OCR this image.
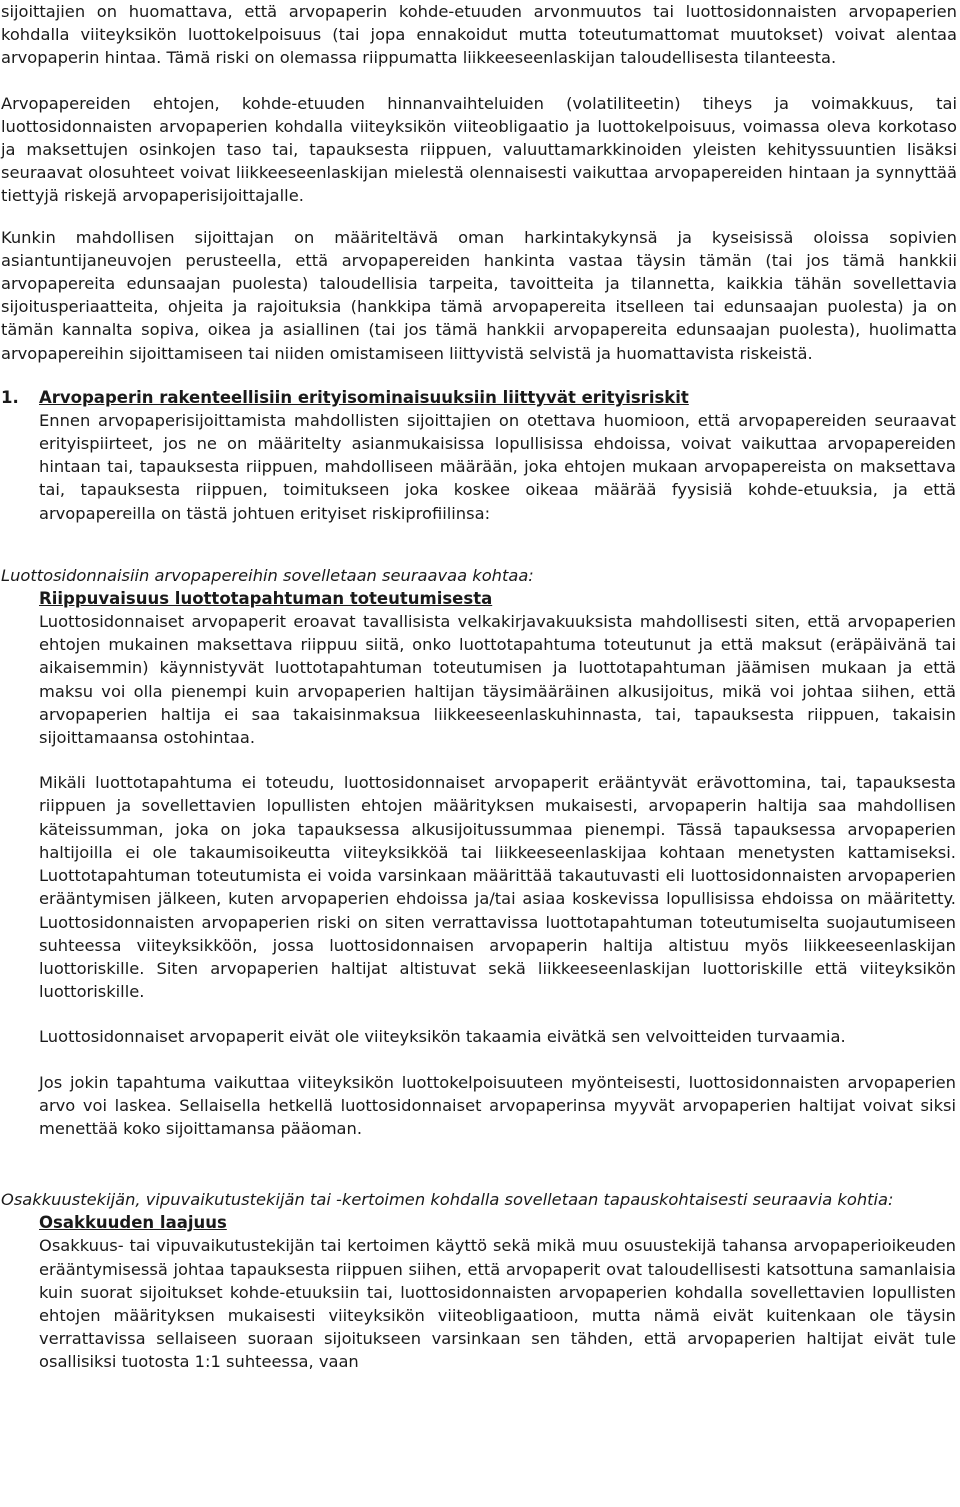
sijoittajien on huomattava, että arvopaperin kohde-etuuden arvonmuutos tai luottosidonnaisten arvopaperien kohdalla viiteyksikön luottokelpoisuus (tai jopa ennakoidut mutta toteutumattomat muutokset) voivat alentaa arvopaperin hintaa. Tämä riski on olemassa riippumatta liikkeeseenlaskijan taloudellisesta tilanteesta.

Arvopapereiden ehtojen, kohde-etuuden hinnanvaihteluiden (volatiliteetin) tiheys ja voimakkuus, tai luottosidonnaisten arvopaperien kohdalla viiteyksikön viiteobligaatio ja luottokelpoisuus, voimassa oleva korkotaso ja maksettujen osinkojen taso tai, tapauksesta riippuen, valuuttamarkkinoiden yleisten kehityssuuntien lisäksi seuraavat olosuhteet voivat liikkeeseenlaskijan mielestä olennaisesti vaikuttaa arvopapereiden hintaan ja synnyttää tiettyjä riskejä arvopaperisijoittajalle.

Kunkin mahdollisen sijoittajan on määriteltävä oman harkintakykynsä ja kyseisissä oloissa sopivien asiantuntijaneuvojen perusteella, että arvopapereiden hankinta vastaa täysin tämän (tai jos tämä hankkii arvopapereita edunsaajan puolesta) taloudellisia tarpeita, tavoitteita ja tilannetta, kaikkia tähän sovellettavia sijoitusperiaatteita, ohjeita ja rajoituksia (hankkipa tämä arvopapereita itselleen tai edunsaajan puolesta) ja on tämän kannalta sopiva, oikea ja asiallinen (tai jos tämä hankkii arvopapereita edunsaajan puolesta), huolimatta arvopapereihin sijoittamiseen tai niiden omistamiseen liittyvistä selvistä ja huomattavista riskeistä.

1. Arvopaperin rakenteellisiin erityisominaisuuksiin liittyvät erityisriskit

Ennen arvopaperisijoittamista mahdollisten sijoittajien on otettava huomioon, että arvopapereiden seuraavat erityispiirteet, jos ne on määritelty asianmukaisissa lopullisissa ehdoissa, voivat vaikuttaa arvopapereiden hintaan tai, tapauksesta riippuen, mahdolliseen määrään, joka ehtojen mukaan arvopapereista on maksettava tai, tapauksesta riippuen, toimitukseen joka koskee oikeaa määrää fyysisiä kohde-etuuksia, ja että arvopapereilla on tästä johtuen erityiset riskiprofiilinsa:

Luottosidonnaisiin arvopapereihin sovelletaan seuraavaa kohtaa:

Riippuvaisuus luottotapahtuman toteutumisesta

Luottosidonnaiset arvopaperit eroavat tavallisista velkakirjavakuuksista mahdollisesti siten, että arvopaperien ehtojen mukainen maksettava riippuu siitä, onko luottotapahtuma toteutunut ja että maksut (eräpäivänä tai aikaisemmin) käynnistyvät luottotapahtuman toteutumisen ja luottotapahtuman jäämisen mukaan ja että maksu voi olla pienempi kuin arvopaperien haltijan täysimääräinen alkusijoitus, mikä voi johtaa siihen, että arvopaperien haltija ei saa takaisinmaksua liikkeeseenlaskuhinnasta, tai, tapauksesta riippuen, takaisin sijoittamaansa ostohintaa.

Mikäli luottotapahtuma ei toteudu, luottosidonnaiset arvopaperit erääntyvät erävottomina, tai, tapauksesta riippuen ja sovellettavien lopullisten ehtojen määrityksen mukaisesti, arvopaperin haltija saa mahdollisen käteissumman, joka on joka tapauksessa alkusijoitussummaa pienempi. Tässä tapauksessa arvopaperien haltijoilla ei ole takaumisoikeutta viiteyksikköä tai liikkeeseenlaskijaa kohtaan menetysten kattamiseksi. Luottotapahtuman toteutumista ei voida varsinkaan määrittää takautuvasti eli luottosidonnaisten arvopaperien erääntymisen jälkeen, kuten arvopaperien ehdoissa ja/tai asiaa koskevissa lopullisissa ehdoissa on määritetty. Luottosidonnaisten arvopaperien riski on siten verrattavissa luottotapahtuman toteutumiselta suojautumiseen suhteessa viiteyksikköön, jossa luottosidonnaisen arvopaperin haltija altistuu myös liikkeeseenlaskijan luottoriskille. Siten arvopaperien haltijat altistuvat sekä liikkeeseenlaskijan luottoriskille että viiteyksikön luottoriskille.

Luottosidonnaiset arvopaperit eivät ole viiteyksikön takaamia eivätkä sen velvoitteiden turvaamia.

Jos jokin tapahtuma vaikuttaa viiteyksikön luottokelpoisuuteen myönteisesti, luottosidonnaisten arvopaperien arvo voi laskea. Sellaisella hetkellä luottosidonnaiset arvopaperinsa myyvät arvopaperien haltijat voivat siksi menettää koko sijoittamansa pääoman.

Osakkuustekijän, vipuvaikutustekijän tai -kertoimen kohdalla sovelletaan tapauskohtaisesti seuraavia kohtia:

Osakkuuden laajuus

Osakkuus- tai vipuvaikutustekijän tai kertoimen käyttö sekä mikä muu osuustekijä tahansa arvopaperioikeuden erääntymisessä johtaa tapauksesta riippuen siihen, että arvopaperit ovat taloudellisesti katsottuna samanlaisia kuin suorat sijoitukset kohde-etuuksiin tai, luottosidonnaisten arvopaperien kohdalla sovellettavien lopullisten ehtojen määrityksen mukaisesti viiteyksikön viiteobligaatioon, mutta nämä eivät kuitenkaan ole täysin verrattavissa sellaiseen suoraan sijoitukseen varsinkaan sen tähden, että arvopaperien haltijat eivät tule osallisiksi tuotosta 1:1 suhteessa, vaan
